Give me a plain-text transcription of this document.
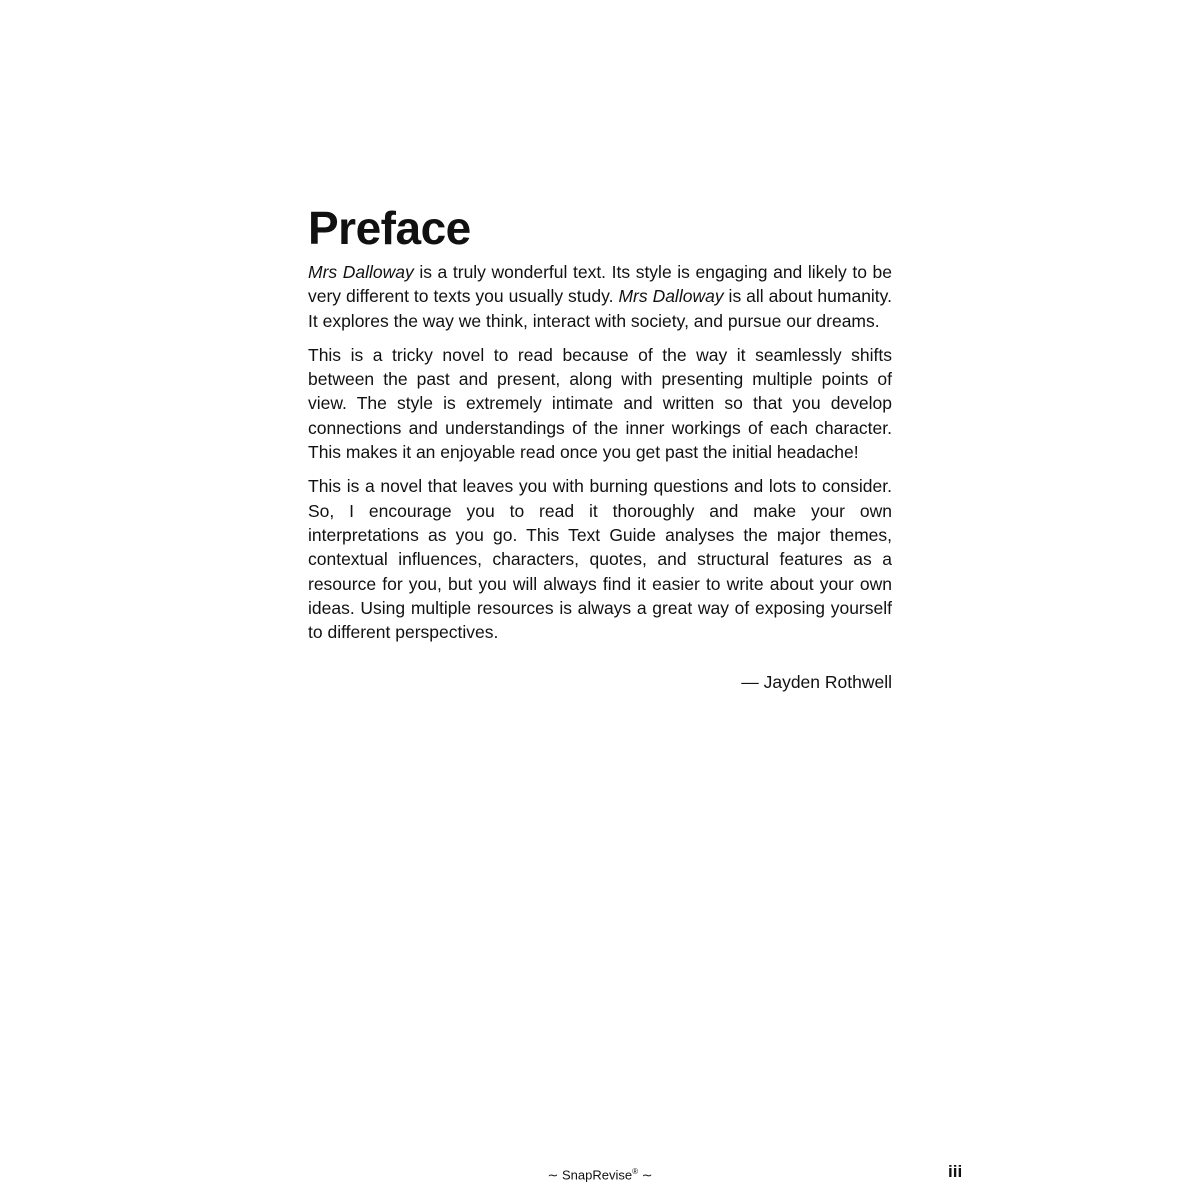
Preface

Mrs Dalloway is a truly wonderful text. Its style is engaging and likely to be very different to texts you usually study. Mrs Dalloway is all about humanity. It explores the way we think, interact with society, and pursue our dreams.

This is a tricky novel to read because of the way it seamlessly shifts between the past and present, along with presenting multiple points of view. The style is extremely intimate and written so that you develop connections and understandings of the inner workings of each character. This makes it an enjoyable read once you get past the initial headache!

This is a novel that leaves you with burning questions and lots to consider. So, I encourage you to read it thoroughly and make your own interpretations as you go. This Text Guide analyses the major themes, contextual influences, characters, quotes, and structural features as a resource for you, but you will always find it easier to write about your own ideas. Using multiple resources is always a great way of exposing yourself to different perspectives.

— Jayden Rothwell
∼ SnapRevise® ∼	iii
